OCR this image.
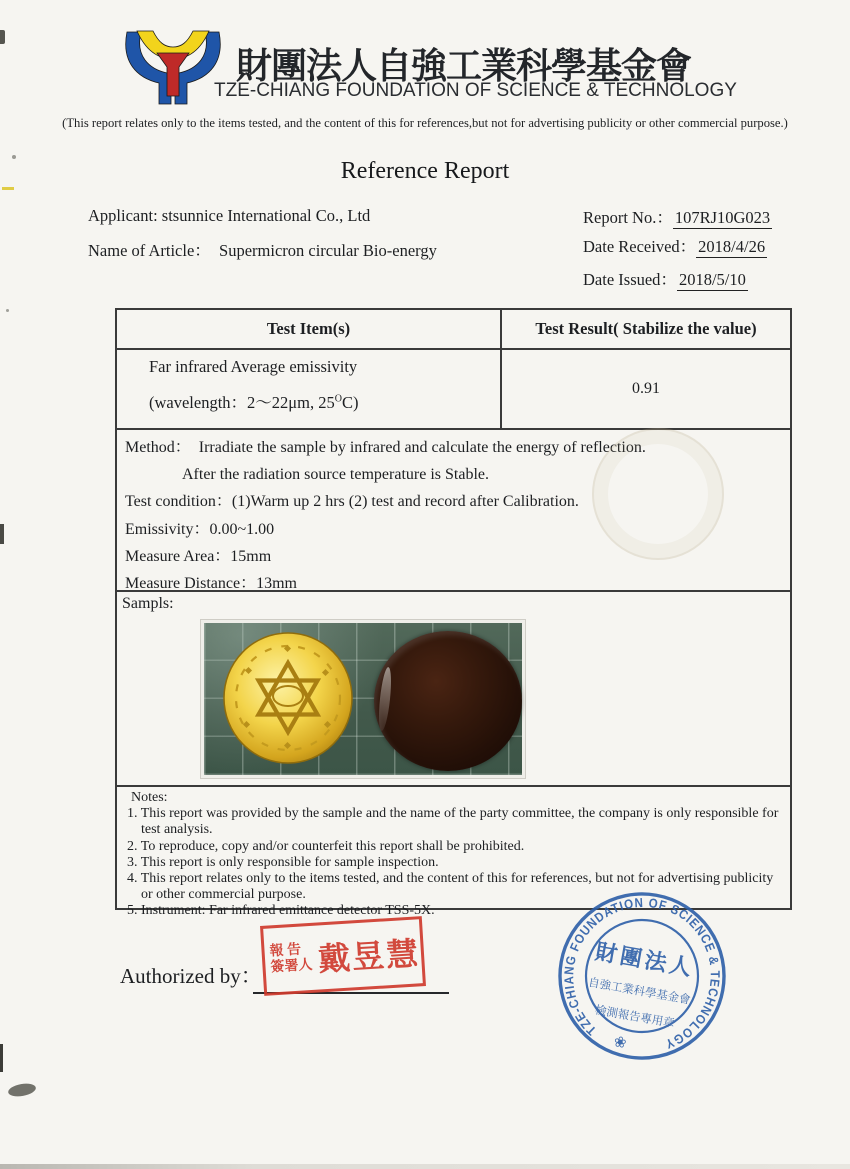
財團法人自強工業科學基金會
TZE-CHIANG FOUNDATION OF SCIENCE & TECHNOLOGY
(This report relates only to the items tested, and the content of this for references,but not for advertising publicity or other commercial purpose.)
Reference Report
Applicant: stsunnice International Co., Ltd
Name of Article：  Supermicron circular Bio-energy
Report No.： 107RJ10G023
Date Received： 2018/4/26
Date Issued： 2018/5/10
Test Item(s)	Test Result( Stabilize the value)
Far infrared Average emissivity
(wavelength：2～22μm, $25^OC$)
0.91
Method：  Irradiate the sample by infrared and calculate the energy of reflection.
After the radiation source temperature is Stable.
Test condition：(1)Warm up 2 hrs (2) test and record after Calibration.
Emissivity：0.00~1.00
Measure Area：15mm
Measure Distance：13mm
Sampls:
Notes:
1. This report was provided by the sample and the name of the party committee, the company is only responsible for test analysis.
2. To reproduce, copy and/or counterfeit this report shall be prohibited.
3. This report is only responsible for sample inspection.
4. This report relates only to the items tested, and the content of this for references, but not for advertising publicity or other commercial purpose.
5. Instrument: Far infrared emittance detector TSS-5X.
Authorized by：
報 告
簽署人 戴昱慧
TZE-CHIANG FOUNDATION OF SCIENCE & TECHNOLOGY
財團法人
自強工業科學基金會
檢測報告專用章
❀
